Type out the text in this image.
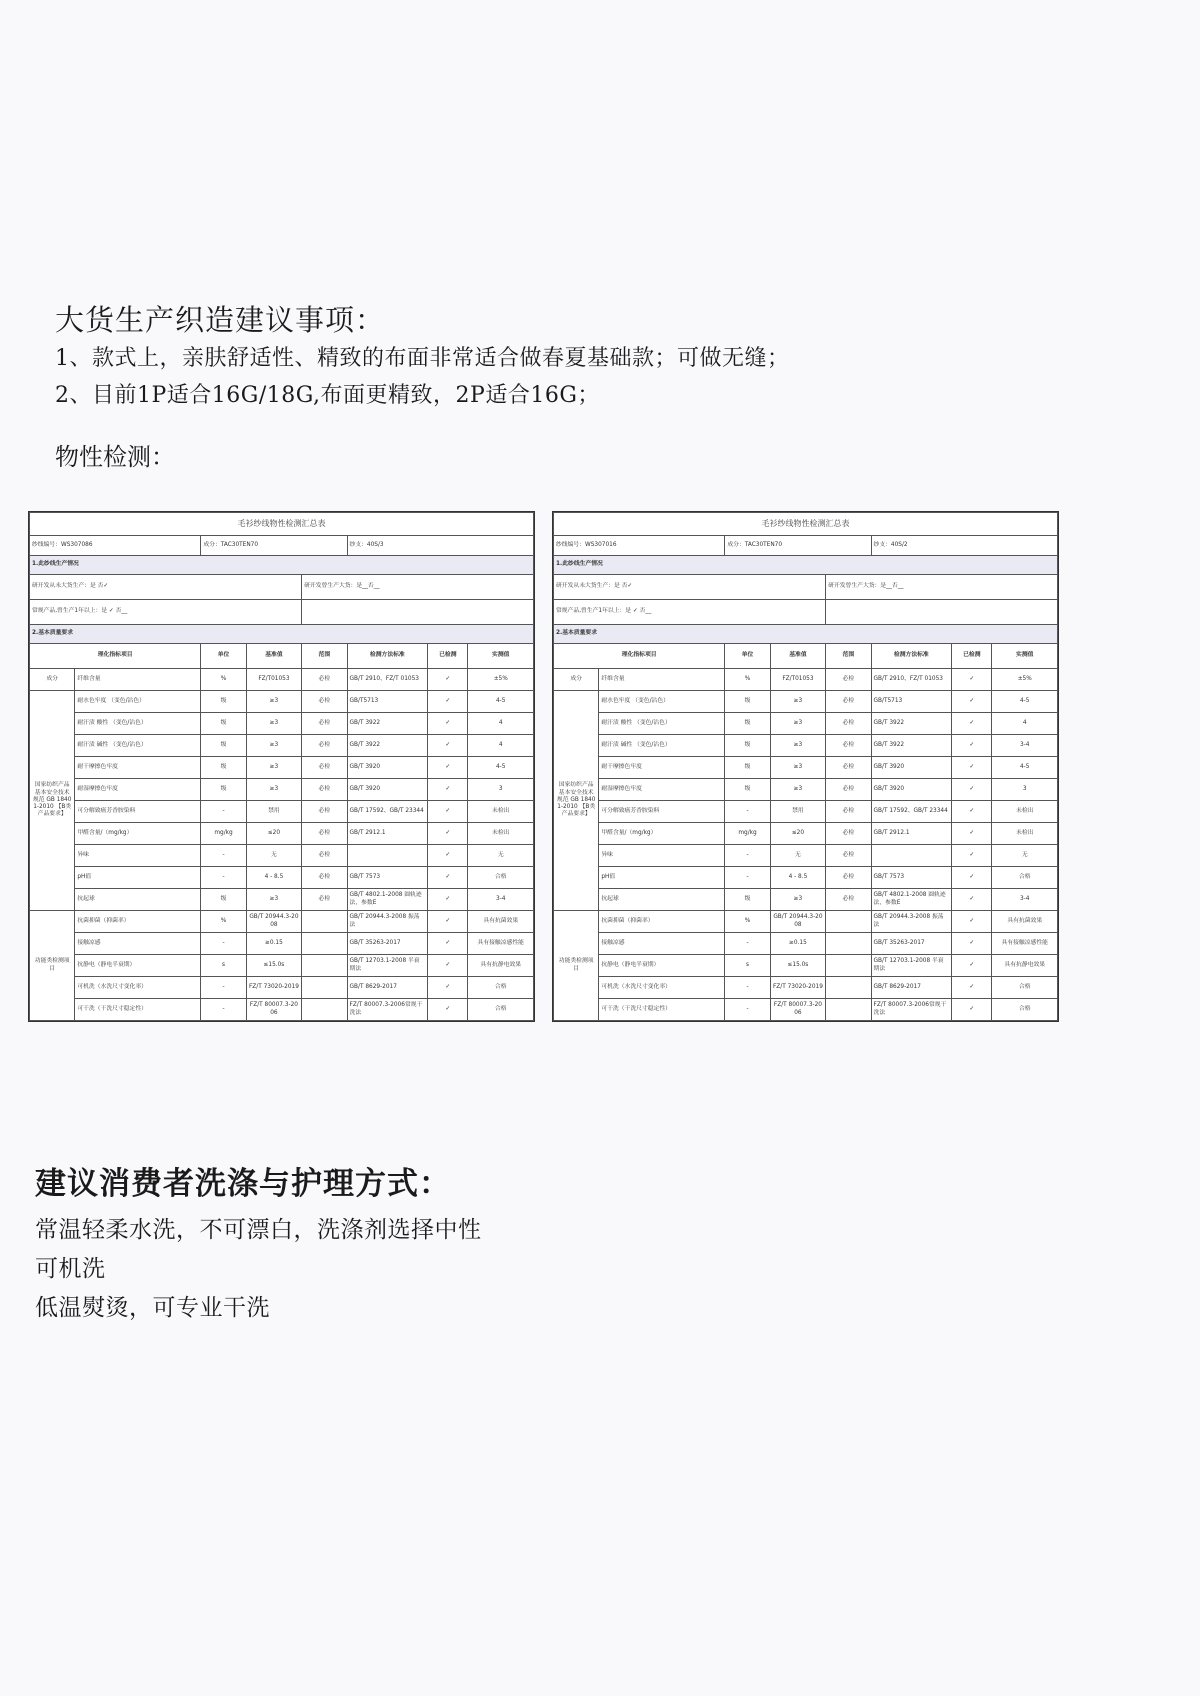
大货生产织造建议事项：
1、款式上，亲肤舒适性、精致的布面非常适合做春夏基础款；可做无缝；
2、目前1P适合16G/18G,布面更精致，2P适合16G；
物性检测：
毛衫纱线物性检测汇总表							
纱线编号：WS307086		成分：TAC30TEN70			纱支：40S/3		
1.此纱线生产情况							
研开发从未大货生产：是 否✓				研开发曾生产大货：是__否__			
常规产品,曾生产1年以上：是 ✓ 否__							
2.基本质量要求							
理化指标项目		单位	基准值	范围	检测方法标准	已检测	实测值
成分	纤维含量	%	FZ/T01053	必检	GB/T 2910、FZ/T 01053	✓	±5%
国家纺织产品基本安全技术规范 GB 18401-2010 【B类产品要求】	耐水色牢度 （变色/沾色）	级	≥3	必检	GB/T5713	✓	4-5
	耐汗渍 酸性 （变色/沾色）	级	≥3	必检	GB/T 3922	✓	4
	耐汗渍 碱性 （变色/沾色）	级	≥3	必检	GB/T 3922	✓	4
	耐干摩擦色牢度	级	≥3	必检	GB/T 3920	✓	4-5
	耐湿摩擦色牢度	级	≥3	必检	GB/T 3920	✓	3
	可分解致癌芳香胺染料	-	禁用	必检	GB/T 17592、GB/T 23344	✓	未检出
	甲醛含量/（mg/kg）	mg/kg	≤20	必检	GB/T 2912.1	✓	未检出
	异味	-	无	必检		✓	无
	pH值	-	4 - 8.5	必检	GB/T 7573	✓	合格
	抗起球	级	≥3	必检	GB/T 4802.1-2008 圆轨迹法，参数E	✓	3-4
功能类检测项目	抗菌抑菌（抑菌率）	%	GB/T 20944.3-2008		GB/T 20944.3-2008 振荡法	✓	具有抗菌效果
	接触凉感	-	≥0.15		GB/T 35263-2017	✓	具有接触凉感性能
	抗静电（静电半衰期）	s	≤15.0s		GB/T 12703.1-2008 半衰期法	✓	具有抗静电效果
	可机洗（水洗尺寸变化率）	-	FZ/T 73020-2019		GB/T 8629-2017	✓	合格
	可干洗（干洗尺寸稳定性）	-	FZ/T 80007.3-2006		FZ/T 80007.3-2006常规干洗法	✓	合格
毛衫纱线物性检测汇总表							
纱线编号：WS307016		成分：TAC30TEN70			纱支：40S/2		
1.此纱线生产情况							
研开发从未大货生产：是 否✓				研开发曾生产大货：是__否__			
常规产品,曾生产1年以上：是 ✓ 否__							
2.基本质量要求							
理化指标项目		单位	基准值	范围	检测方法标准	已检测	实测值
成分	纤维含量	%	FZ/T01053	必检	GB/T 2910、FZ/T 01053	✓	±5%
国家纺织产品基本安全技术规范 GB 18401-2010 【B类产品要求】	耐水色牢度 （变色/沾色）	级	≥3	必检	GB/T5713	✓	4-5
	耐汗渍 酸性 （变色/沾色）	级	≥3	必检	GB/T 3922	✓	4
	耐汗渍 碱性 （变色/沾色）	级	≥3	必检	GB/T 3922	✓	3-4
	耐干摩擦色牢度	级	≥3	必检	GB/T 3920	✓	4-5
	耐湿摩擦色牢度	级	≥3	必检	GB/T 3920	✓	3
	可分解致癌芳香胺染料	-	禁用	必检	GB/T 17592、GB/T 23344	✓	未检出
	甲醛含量/（mg/kg）	mg/kg	≤20	必检	GB/T 2912.1	✓	未检出
	异味	-	无	必检		✓	无
	pH值	-	4 - 8.5	必检	GB/T 7573	✓	合格
	抗起球	级	≥3	必检	GB/T 4802.1-2008 圆轨迹法，参数E	✓	3-4
功能类检测项目	抗菌抑菌（抑菌率）	%	GB/T 20944.3-2008		GB/T 20944.3-2008 振荡法	✓	具有抗菌效果
	接触凉感	-	≥0.15		GB/T 35263-2017	✓	具有接触凉感性能
	抗静电（静电半衰期）	s	≤15.0s		GB/T 12703.1-2008 半衰期法	✓	具有抗静电效果
	可机洗（水洗尺寸变化率）	-	FZ/T 73020-2019		GB/T 8629-2017	✓	合格
	可干洗（干洗尺寸稳定性）	-	FZ/T 80007.3-2006		FZ/T 80007.3-2006常规干洗法	✓	合格
建议消费者洗涤与护理方式：
常温轻柔水洗，不可漂白，洗涤剂选择中性
可机洗
低温熨烫，可专业干洗
